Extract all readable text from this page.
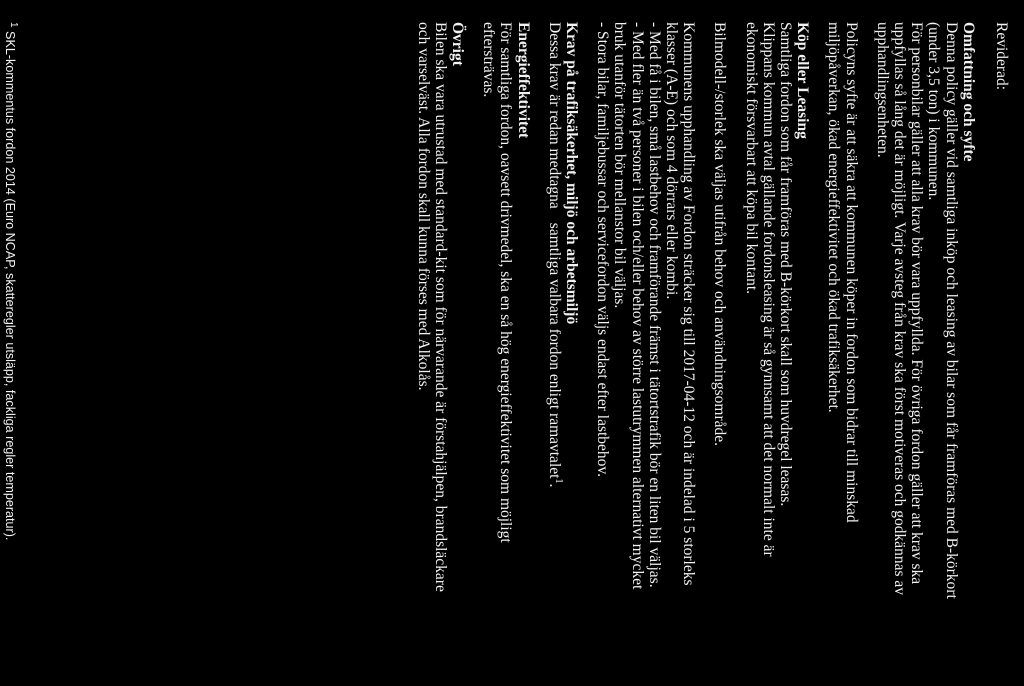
Reviderad:

Omfattning och syfte
Denna policy gäller vid samtliga inköp och leasing av bilar som får framföras med B-körkort
(under 3,5 ton) i kommunen.
För personbilar gäller att alla krav bör vara uppfyllda. För övriga fordon gäller att krav ska
uppfyllas så lång det är möjligt. Varje avsteg från krav ska först motiveras och godkännas av
upphandlingsenheten.
Policyns syfte är att säkra att kommunen köper in fordon som bidrar till minskad
miljöpåverkan, ökad energieffektivitet och ökad trafiksäkerhet.
Köp eller Leasing
Samtliga fordon som får framföras med B-körkort skall som huvdregel leasas.
Klippans kommun avtal gällande fordonsleasing är så gynnsamt att det normalt inte är
ekonomiskt försvarbart att köpa bil kontant.
Bilmodell-/storlek ska väljas utifrån behov och användningsområde.
Kommunens upphandling av Fordon sträcker sig till 2017-04-12 och är indelad i 5 storleks
klasser (A-E) och som 4 dörrars eller kombi.
- Med få i bilen, små lastbehov och framförande främst i tätortstrafik bör en liten bil väljas.
- Med fler än två personer i bilen och/eller behov av större lastutrymmen alternativt mycket
bruk utanför tätorten bör mellanstor bil väljas.
- Stora bilar, familjebussar och servicefordon väljs endast efter lastbehov.
Krav på trafiksäkerhet, miljö och arbetsmiljö
Dessa krav är redan medtagnasamtliga valbara fordon enligt ramavtalet$^1$.
Energieffektivitet
För samtliga fordon, oavsett drivmedel, ska en så hög energieffektivitet som möjligt
eftersträvas.
Övrigt
Bilen ska vara utrustad med standard-kit som för närvarande är förstahjälpen, brandsläckare
och varselväst. Alla fordon skall kunna förses med Alkolås.
$^1$ SKL-kommentus fordon 2014 (Euro NCAP, skatteregler utsläpp, fackliga regler temperatur).
